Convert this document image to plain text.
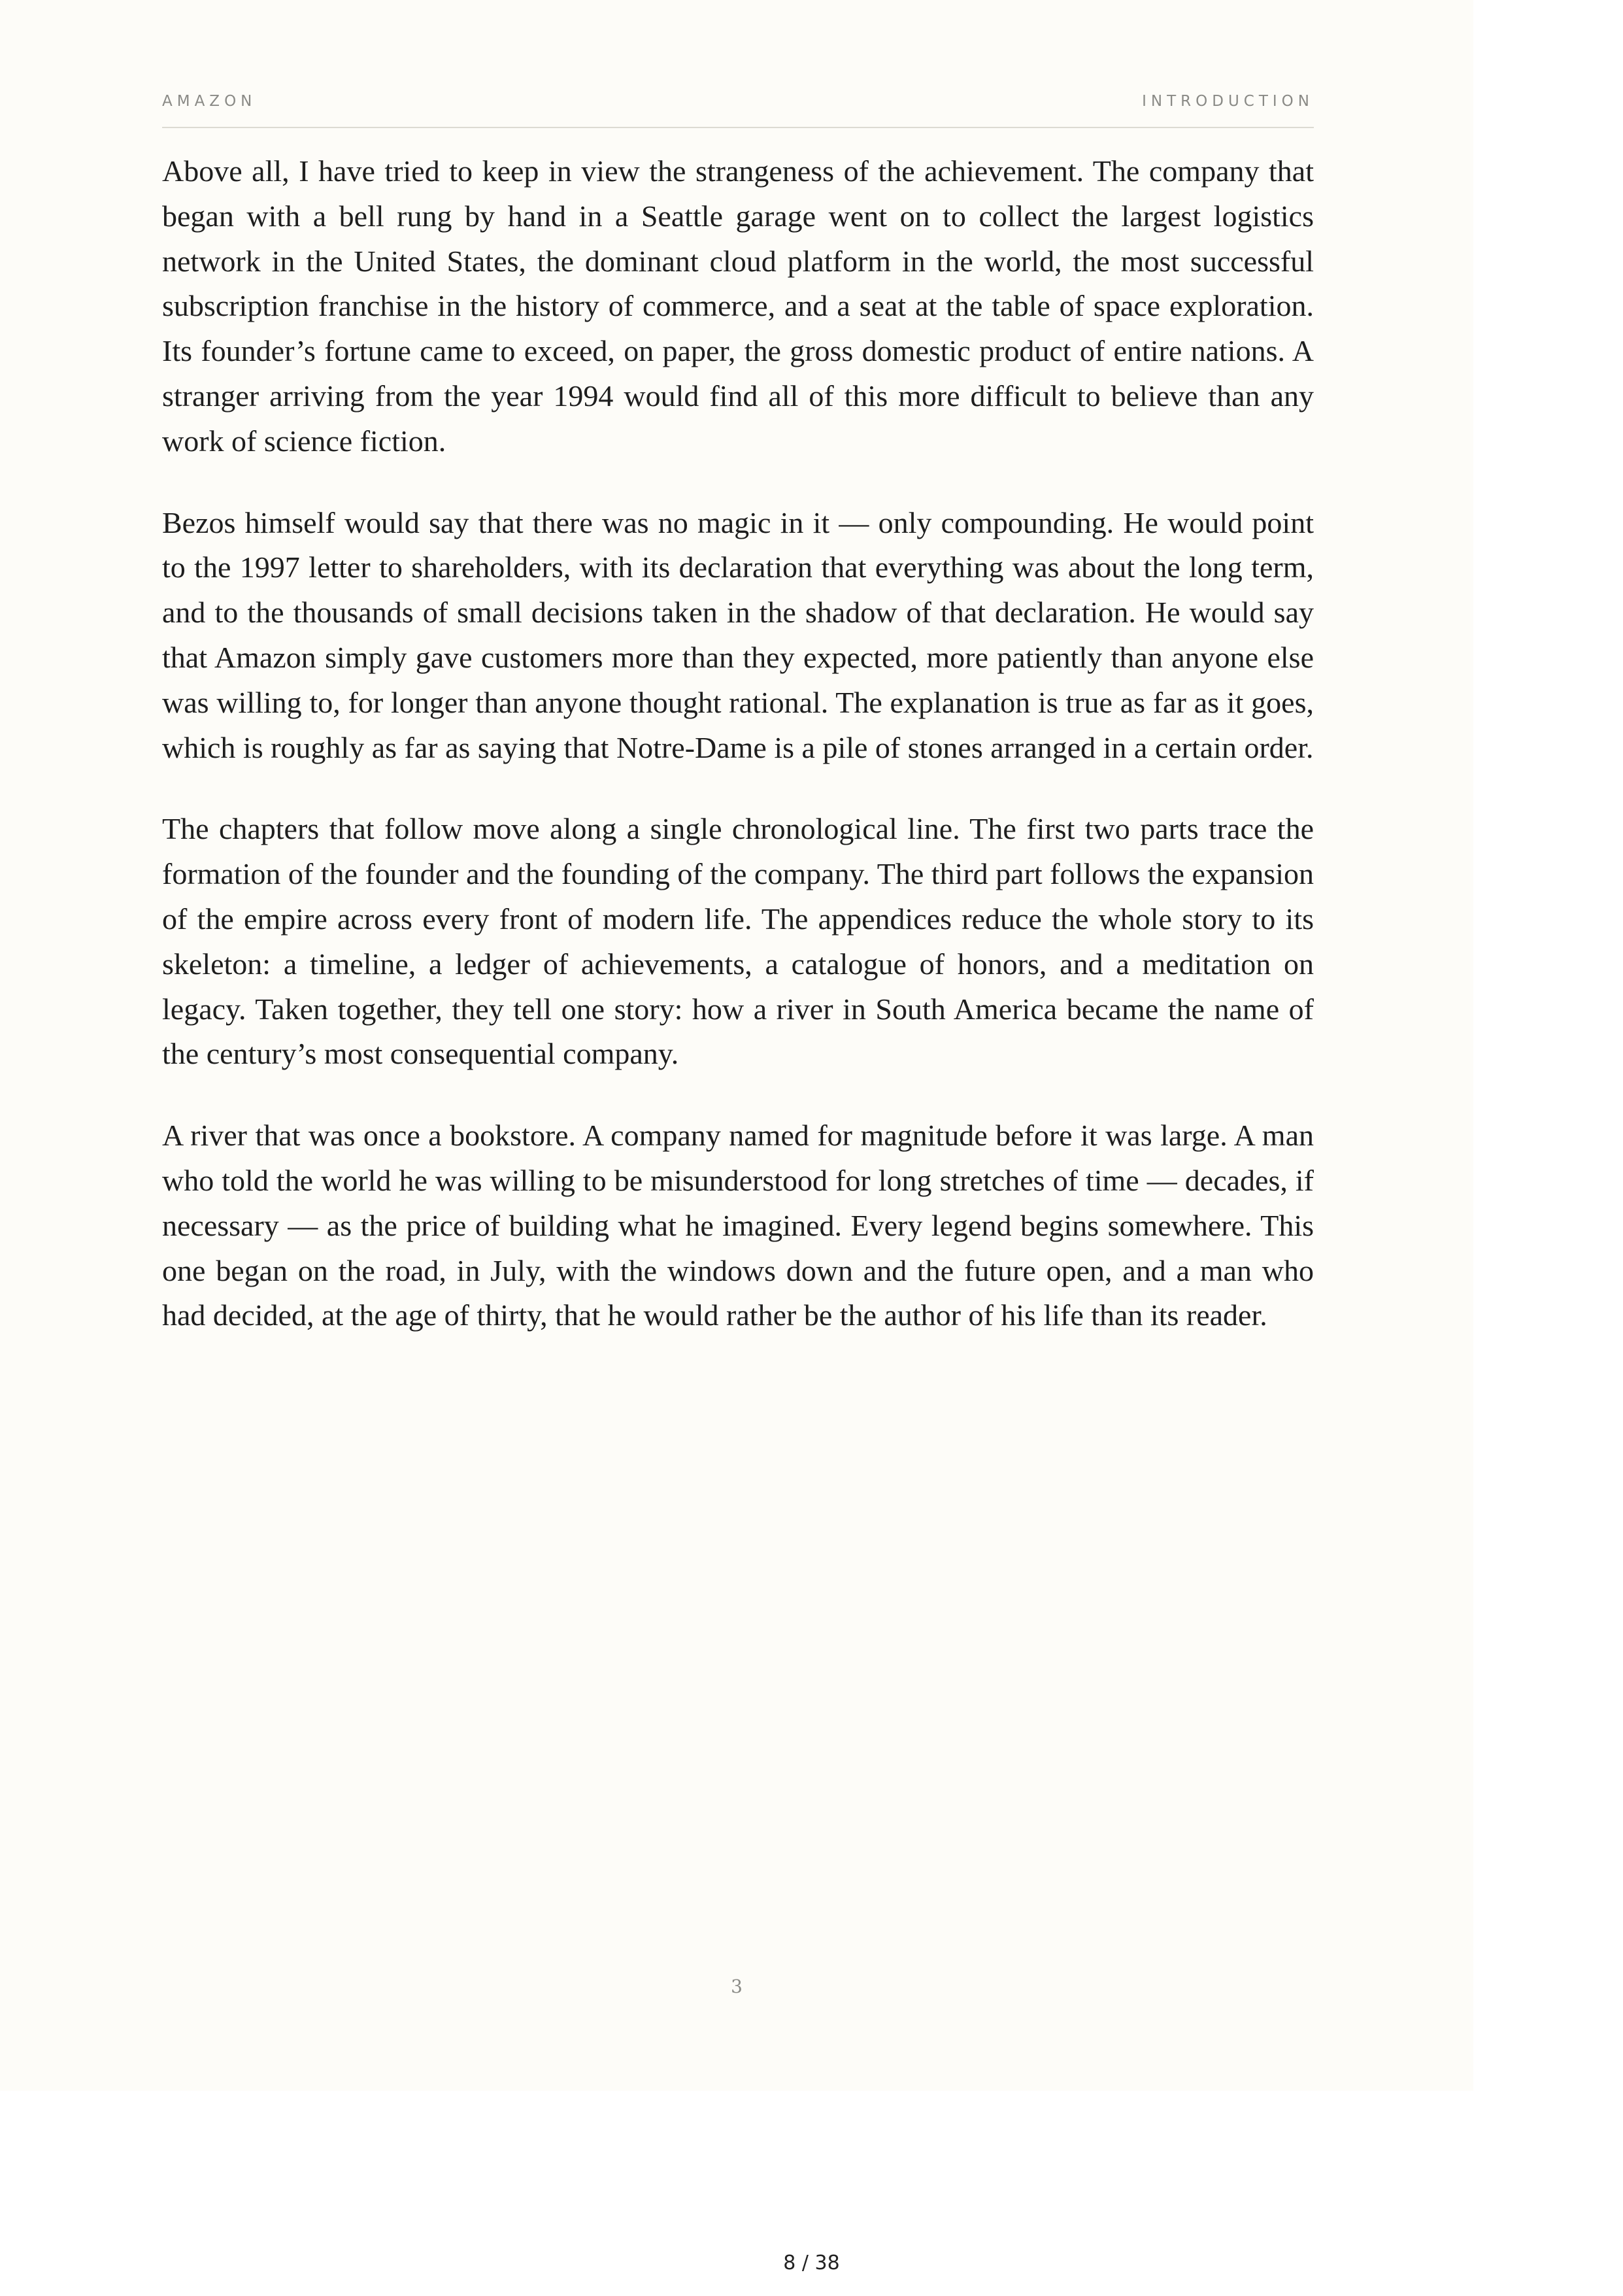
AMAZON	INTRODUCTION

Above all, I have tried to keep in view the strangeness of the achievement. The company that began with a bell rung by hand in a Seattle garage went on to collect the largest logistics network in the United States, the dominant cloud platform in the world, the most successful subscription franchise in the history of commerce, and a seat at the table of space exploration. Its founder’s fortune came to exceed, on paper, the gross domestic product of entire nations. A stranger arriving from the year 1994 would find all of this more difficult to believe than any work of science fiction.

Bezos himself would say that there was no magic in it — only compounding. He would point to the 1997 letter to shareholders, with its declaration that everything was about the long term, and to the thousands of small decisions taken in the shadow of that declaration. He would say that Amazon simply gave customers more than they expected, more patiently than anyone else was willing to, for longer than anyone thought rational. The explanation is true as far as it goes, which is roughly as far as saying that Notre-Dame is a pile of stones arranged in a certain order.

The chapters that follow move along a single chronological line. The first two parts trace the formation of the founder and the founding of the company. The third part follows the expansion of the empire across every front of modern life. The appendices reduce the whole story to its skeleton: a timeline, a ledger of achievements, a catalogue of honors, and a meditation on legacy. Taken together, they tell one story: how a river in South America became the name of the century’s most consequential company.

A river that was once a bookstore. A company named for magnitude before it was large. A man who told the world he was willing to be misunderstood for long stretches of time — decades, if necessary — as the price of building what he imagined. Every legend begins somewhere. This one began on the road, in July, with the windows down and the future open, and a man who had decided, at the age of thirty, that he would rather be the author of his life than its reader.

3
8 / 38
